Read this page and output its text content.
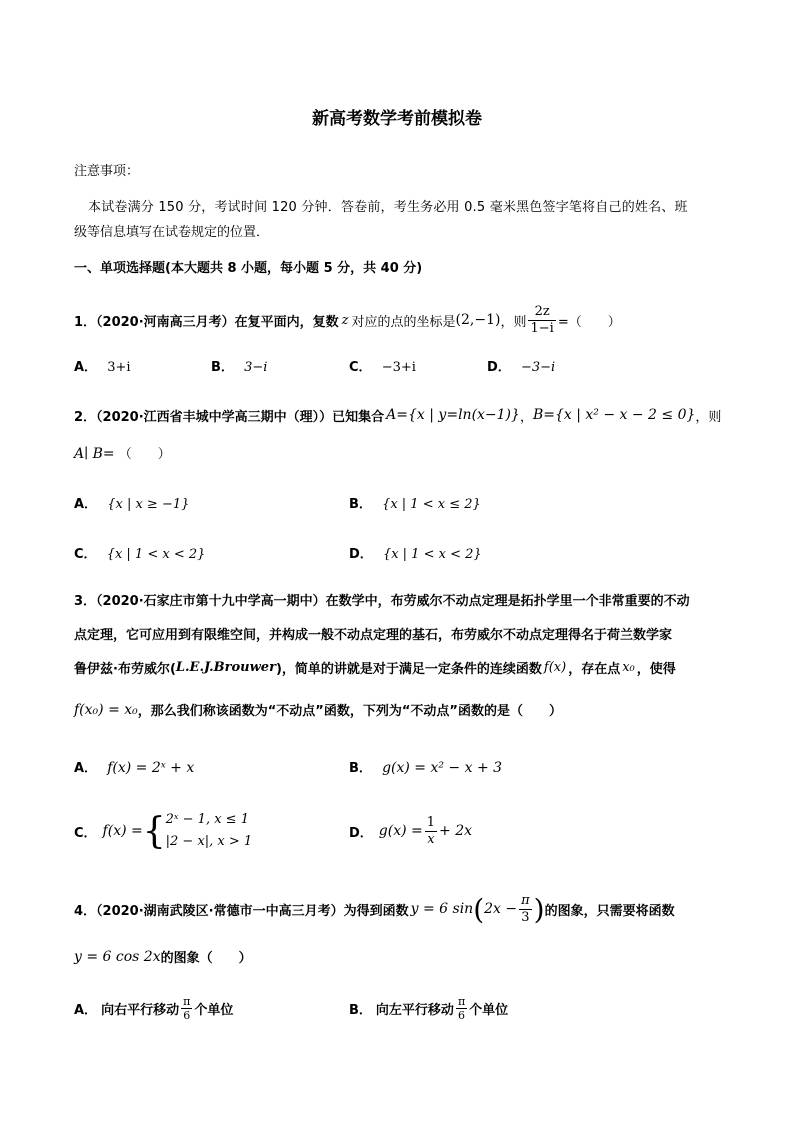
新高考数学考前模拟卷
注意事项：
本试卷满分 150 分，考试时间 120 分钟．答卷前，考生务必用 0.5 毫米黑色签字笔将自己的姓名、班
级等信息填写在试卷规定的位置．
一、单项选择题(本大题共 8 小题，每小题 5 分，共 40 分)
1．（2020·河南高三月考）在复平面内，复数 z 对应的点的坐标是 (2,−1) ，则 $\frac{2z}{1-i}$ =（　　）
A． 3+i	B． 3−i	C． −3+i	D． −3−i
2．（2020·江西省丰城中学高三期中（理））已知集合 A={x | y=ln(x−1)} ， B={x | x² − x − 2 ≤ 0} ，则
A∣ B= （　　）
A． {x | x ≥ −1}	B． {x | 1 < x ≤ 2}
C． {x | 1 < x < 2}	D． {x | 1 < x < 2}
3．（2020·石家庄市第十九中学高一期中）在数学中，布劳威尔不动点定理是拓扑学里一个非常重要的不动
点定理，它可应用到有限维空间，并构成一般不动点定理的基石，布劳威尔不动点定理得名于荷兰数学家
鲁伊兹·布劳威尔( L.E.J.Brouwer )，简单的讲就是对于满足一定条件的连续函数 f(x) ，存在点 x₀ ，使得
f(x₀) = x₀ ，那么我们称该函数为“不动点”函数，下列为“不动点”函数的是（　　）
A． f(x) = 2ˣ + x	B． g(x) = x² − x + 3
C． f(x) = { 2ˣ − 1, x ≤ 1
|2 − x|, x > 1
D． $g(x) = \frac{1}{x} + 2x$
4．（2020·湖南武陵区·常德市一中高三月考）为得到函数 y = 6 sin ( $2x - \frac{\pi}{3}$ ) 的图象，只需要将函数
y = 6 cos 2x 的图象（　　）
A． 向右平行移动 $\frac{\pi}{6}$ 个单位	B． 向左平行移动 $\frac{\pi}{6}$ 个单位
